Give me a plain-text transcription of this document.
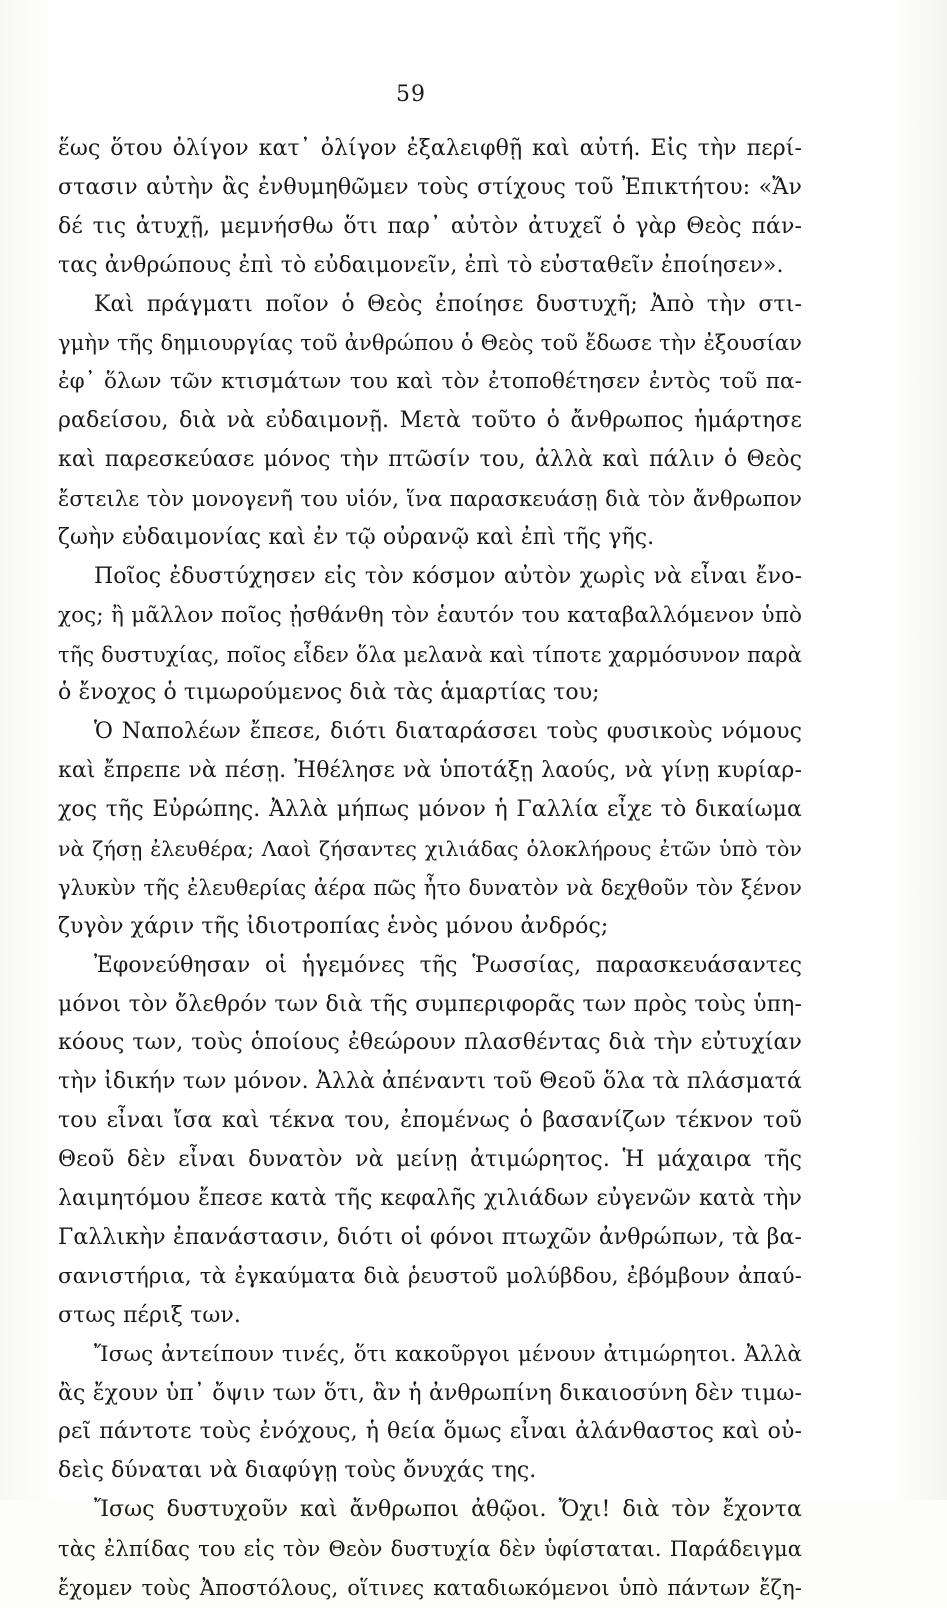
59
ἕως ὅτου ὀλίγον κατ᾽ ὀλίγον ἐξαλειφθῇ καὶ αὐτή. Εἰς τὴν περί-
στασιν αὐτὴν ἂς ἐνθυμηθῶμεν τοὺς στίχους τοῦ Ἐπικτήτου: «Ἄν
δέ τις ἀτυχῇ, μεμνήσθω ὅτι παρ᾽ αὐτὸν ἀτυχεῖ ὁ γὰρ Θεὸς πάν-
τας ἀνθρώπους ἐπὶ τὸ εὐδαιμονεῖν, ἐπὶ τὸ εὐσταθεῖν ἐποίησεν».
Καὶ πράγματι ποῖον ὁ Θεὸς ἐποίησε δυστυχῆ; Ἀπὸ τὴν στι-
γμὴν τῆς δημιουργίας τοῦ ἀνθρώπου ὁ Θεὸς τοῦ ἔδωσε τὴν ἐξουσίαν
ἐφ᾽ ὅλων τῶν κτισμάτων του καὶ τὸν ἐτοποθέτησεν ἐντὸς τοῦ πα-
ραδείσου, διὰ νὰ εὐδαιμονῇ. Μετὰ τοῦτο ὁ ἄνθρωπος ἡμάρτησε
καὶ παρεσκεύασε μόνος τὴν πτῶσίν του, ἀλλὰ καὶ πάλιν ὁ Θεὸς
ἔστειλε τὸν μονογενῆ του υἱόν, ἵνα παρασκευάσῃ διὰ τὸν ἄνθρωπον
ζωὴν εὐδαιμονίας καὶ ἐν τῷ οὐρανῷ καὶ ἐπὶ τῆς γῆς.
Ποῖος ἐδυστύχησεν εἰς τὸν κόσμον αὐτὸν χωρὶς νὰ εἶναι ἔνο-
χος; ἢ μᾶλλον ποῖος ᾐσθάνθη τὸν ἑαυτόν του καταβαλλόμενον ὑπὸ
τῆς δυστυχίας, ποῖος εἶδεν ὅλα μελανὰ καὶ τίποτε χαρμόσυνον παρὰ
ὁ ἔνοχος ὁ τιμωρούμενος διὰ τὰς ἁμαρτίας του;
Ὁ Ναπολέων ἔπεσε, διότι διαταράσσει τοὺς φυσικοὺς νόμους
καὶ ἔπρεπε νὰ πέσῃ. Ἠθέλησε νὰ ὑποτάξῃ λαούς, νὰ γίνῃ κυρίαρ-
χος τῆς Εὐρώπης. Ἀλλὰ μήπως μόνον ἡ Γαλλία εἶχε τὸ δικαίωμα
νὰ ζήσῃ ἐλευθέρα; Λαοὶ ζήσαντες χιλιάδας ὁλοκλήρους ἐτῶν ὑπὸ τὸν
γλυκὺν τῆς ἐλευθερίας ἀέρα πῶς ἦτο δυνατὸν νὰ δεχθοῦν τὸν ξένον
ζυγὸν χάριν τῆς ἰδιοτροπίας ἑνὸς μόνου ἀνδρός;
Ἐφονεύθησαν οἱ ἡγεμόνες τῆς Ῥωσσίας, παρασκευάσαντες
μόνοι τὸν ὄλεθρόν των διὰ τῆς συμπεριφορᾶς των πρὸς τοὺς ὑπη-
κόους των, τοὺς ὁποίους ἐθεώρουν πλασθέντας διὰ τὴν εὐτυχίαν
τὴν ἰδικήν των μόνον. Ἀλλὰ ἀπέναντι τοῦ Θεοῦ ὅλα τὰ πλάσματά
του εἶναι ἴσα καὶ τέκνα του, ἐπομένως ὁ βασανίζων τέκνον τοῦ
Θεοῦ δὲν εἶναι δυνατὸν νὰ μείνῃ ἀτιμώρητος. Ἡ μάχαιρα τῆς
λαιμητόμου ἔπεσε κατὰ τῆς κεφαλῆς χιλιάδων εὐγενῶν κατὰ τὴν
Γαλλικὴν ἐπανάστασιν, διότι οἱ φόνοι πτωχῶν ἀνθρώπων, τὰ βα-
σανιστήρια, τὰ ἐγκαύματα διὰ ῥευστοῦ μολύβδου, ἐβόμβουν ἀπαύ-
στως πέριξ των.
Ἴσως ἀντείπουν τινές, ὅτι κακοῦργοι μένουν ἀτιμώρητοι. Ἀλλὰ
ἂς ἔχουν ὑπ᾽ ὄψιν των ὅτι, ἂν ἡ ἀνθρωπίνη δικαιοσύνη δὲν τιμω-
ρεῖ πάντοτε τοὺς ἐνόχους, ἡ θεία ὅμως εἶναι ἀλάνθαστος καὶ οὐ-
δεὶς δύναται νὰ διαφύγῃ τοὺς ὄνυχάς της.
Ἴσως δυστυχοῦν καὶ ἄνθρωποι ἀθῷοι. Ὄχι! διὰ τὸν ἔχοντα
τὰς ἐλπίδας του εἰς τὸν Θεὸν δυστυχία δὲν ὑφίσταται. Παράδειγμα
ἔχομεν τοὺς Ἀποστόλους, οἵτινες καταδιωκόμενοι ὑπὸ πάντων ἔζη-
